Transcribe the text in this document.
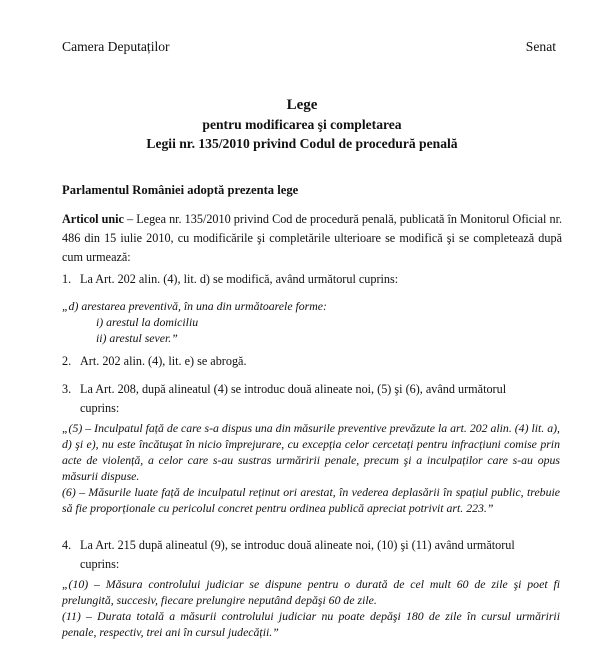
Camera Deputaților	Senat
Lege
pentru modificarea şi completarea
Legii nr. 135/2010 privind Codul de procedură penală
Parlamentul României adoptă prezenta lege
Articol unic – Legea nr. 135/2010 privind Cod de procedură penală, publicată în Monitorul Oficial nr. 486 din 15 iulie 2010, cu modificările şi completările ulterioare se modifică şi se completează după cum urmează:
1. La Art. 202 alin. (4), lit. d) se modifică, având următorul cuprins:
„d) arestarea preventivă, în una din următoarele forme:
i) arestul la domiciliu
ii) arestul sever.”
2. Art. 202 alin. (4), lit. e) se abrogă.
3. La Art. 208, după alineatul (4) se introduc două alineate noi, (5) şi (6), având următorul
cuprins:
„(5) – Inculpatul față de care s-a dispus una din măsurile preventive prevăzute la art. 202 alin. (4) lit. a), d) şi e), nu este încătuşat în nicio împrejurare, cu excepția celor cercetați pentru infracțiuni comise prin acte de violență, a celor care s-au sustras urmăririi penale, precum şi a inculpaților care s-au opus măsurii dispuse.
(6) – Măsurile luate față de inculpatul reținut ori arestat, în vederea deplasării în spațiul public, trebuie să fie proporționale cu pericolul concret pentru ordinea publică apreciat potrivit art. 223.”
4. La Art. 215 după alineatul (9), se introduc două alineate noi, (10) şi (11) având următorul
cuprins:
„(10) – Măsura controlului judiciar se dispune pentru o durată de cel mult 60 de zile şi poet fi prelungită, succesiv, fiecare prelungire neputând depăşi 60 de zile.
(11) – Durata totală a măsurii controlului judiciar nu poate depăşi 180 de zile în cursul urmăririi penale, respectiv, trei ani în cursul judecății.”
